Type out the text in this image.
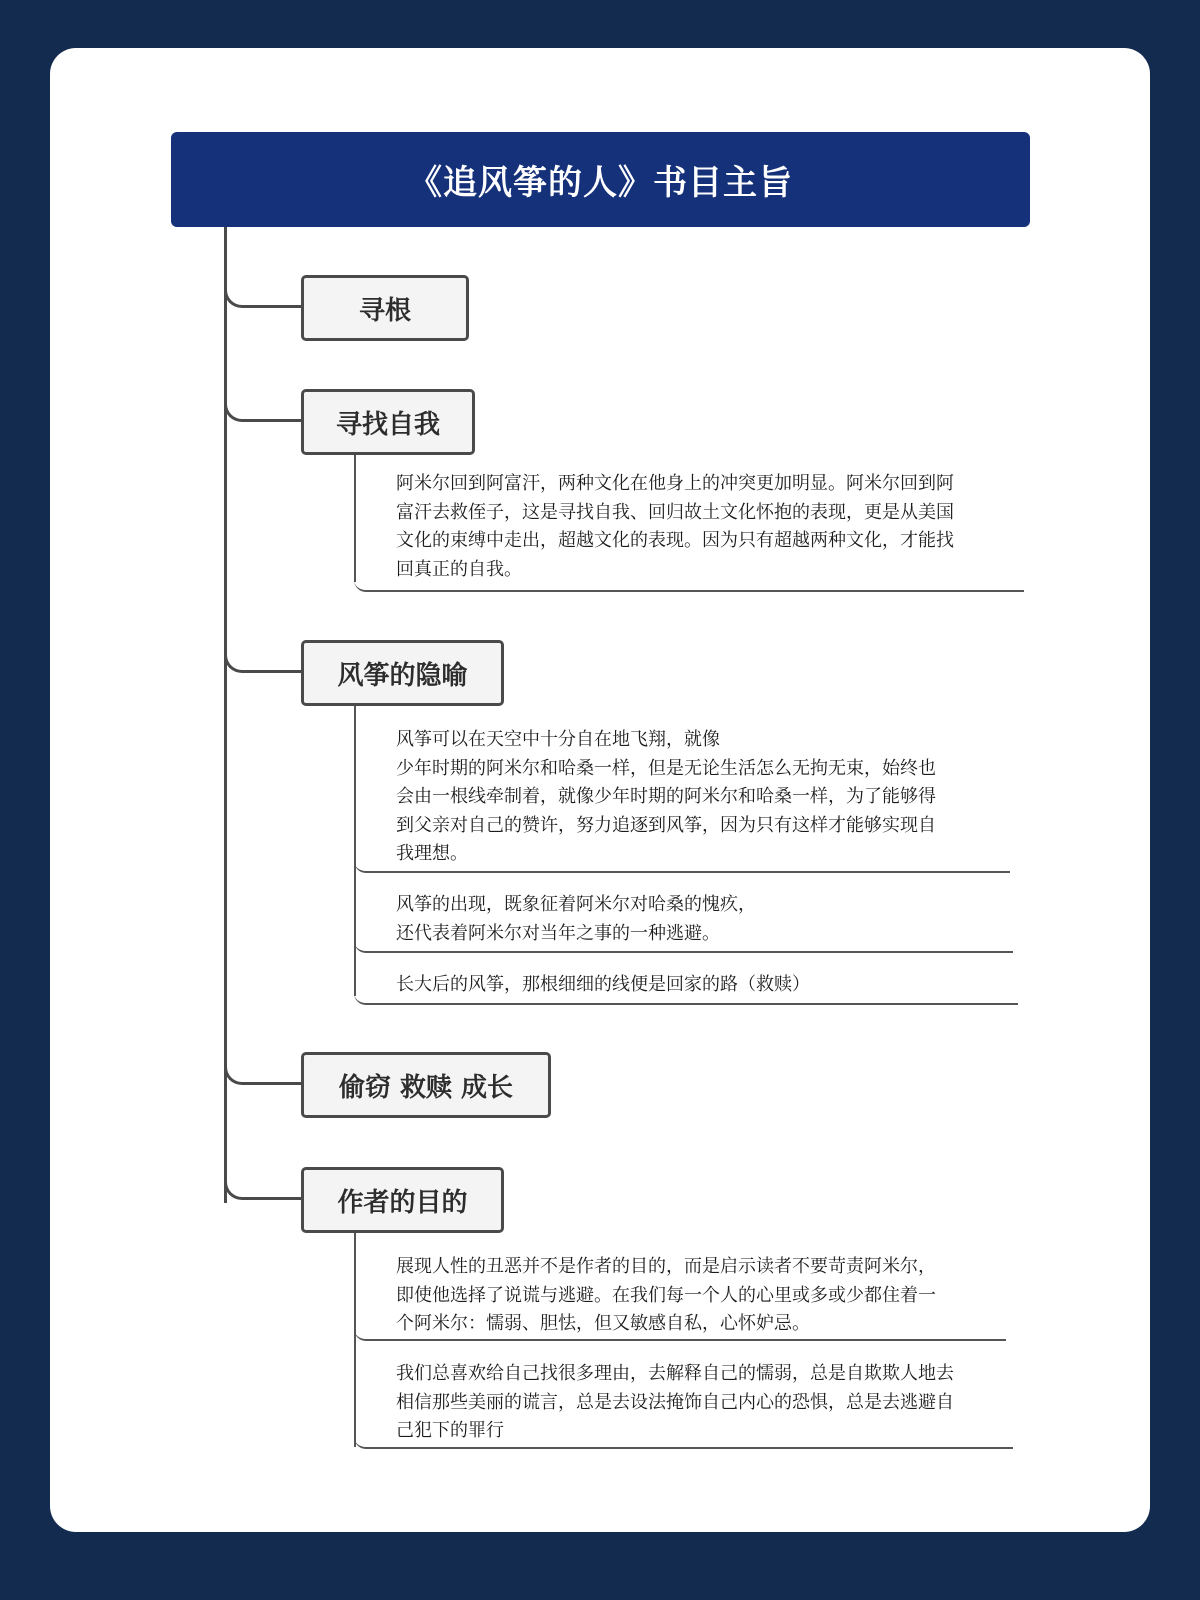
《追风筝的人》书目主旨
寻根
寻找自我
阿米尔回到阿富汗，两种文化在他身上的冲突更加明显。阿米尔回到阿
富汗去救侄子，这是寻找自我、回归故土文化怀抱的表现，更是从美国
文化的束缚中走出，超越文化的表现。因为只有超越两种文化，才能找
回真正的自我。
风筝的隐喻
风筝可以在天空中十分自在地飞翔，就像
少年时期的阿米尔和哈桑一样，但是无论生活怎么无拘无束，始终也
会由一根线牵制着，就像少年时期的阿米尔和哈桑一样，为了能够得
到父亲对自己的赞许，努力追逐到风筝，因为只有这样才能够实现自
我理想。
风筝的出现，既象征着阿米尔对哈桑的愧疚，
还代表着阿米尔对当年之事的一种逃避。
长大后的风筝，那根细细的线便是回家的路（救赎）
偷窃 救赎 成长
作者的目的
展现人性的丑恶并不是作者的目的，而是启示读者不要苛责阿米尔，
即使他选择了说谎与逃避。在我们每一个人的心里或多或少都住着一
个阿米尔：懦弱、胆怯，但又敏感自私，心怀妒忌。
我们总喜欢给自己找很多理由，去解释自己的懦弱，总是自欺欺人地去
相信那些美丽的谎言，总是去设法掩饰自己内心的恐惧，总是去逃避自
己犯下的罪行
